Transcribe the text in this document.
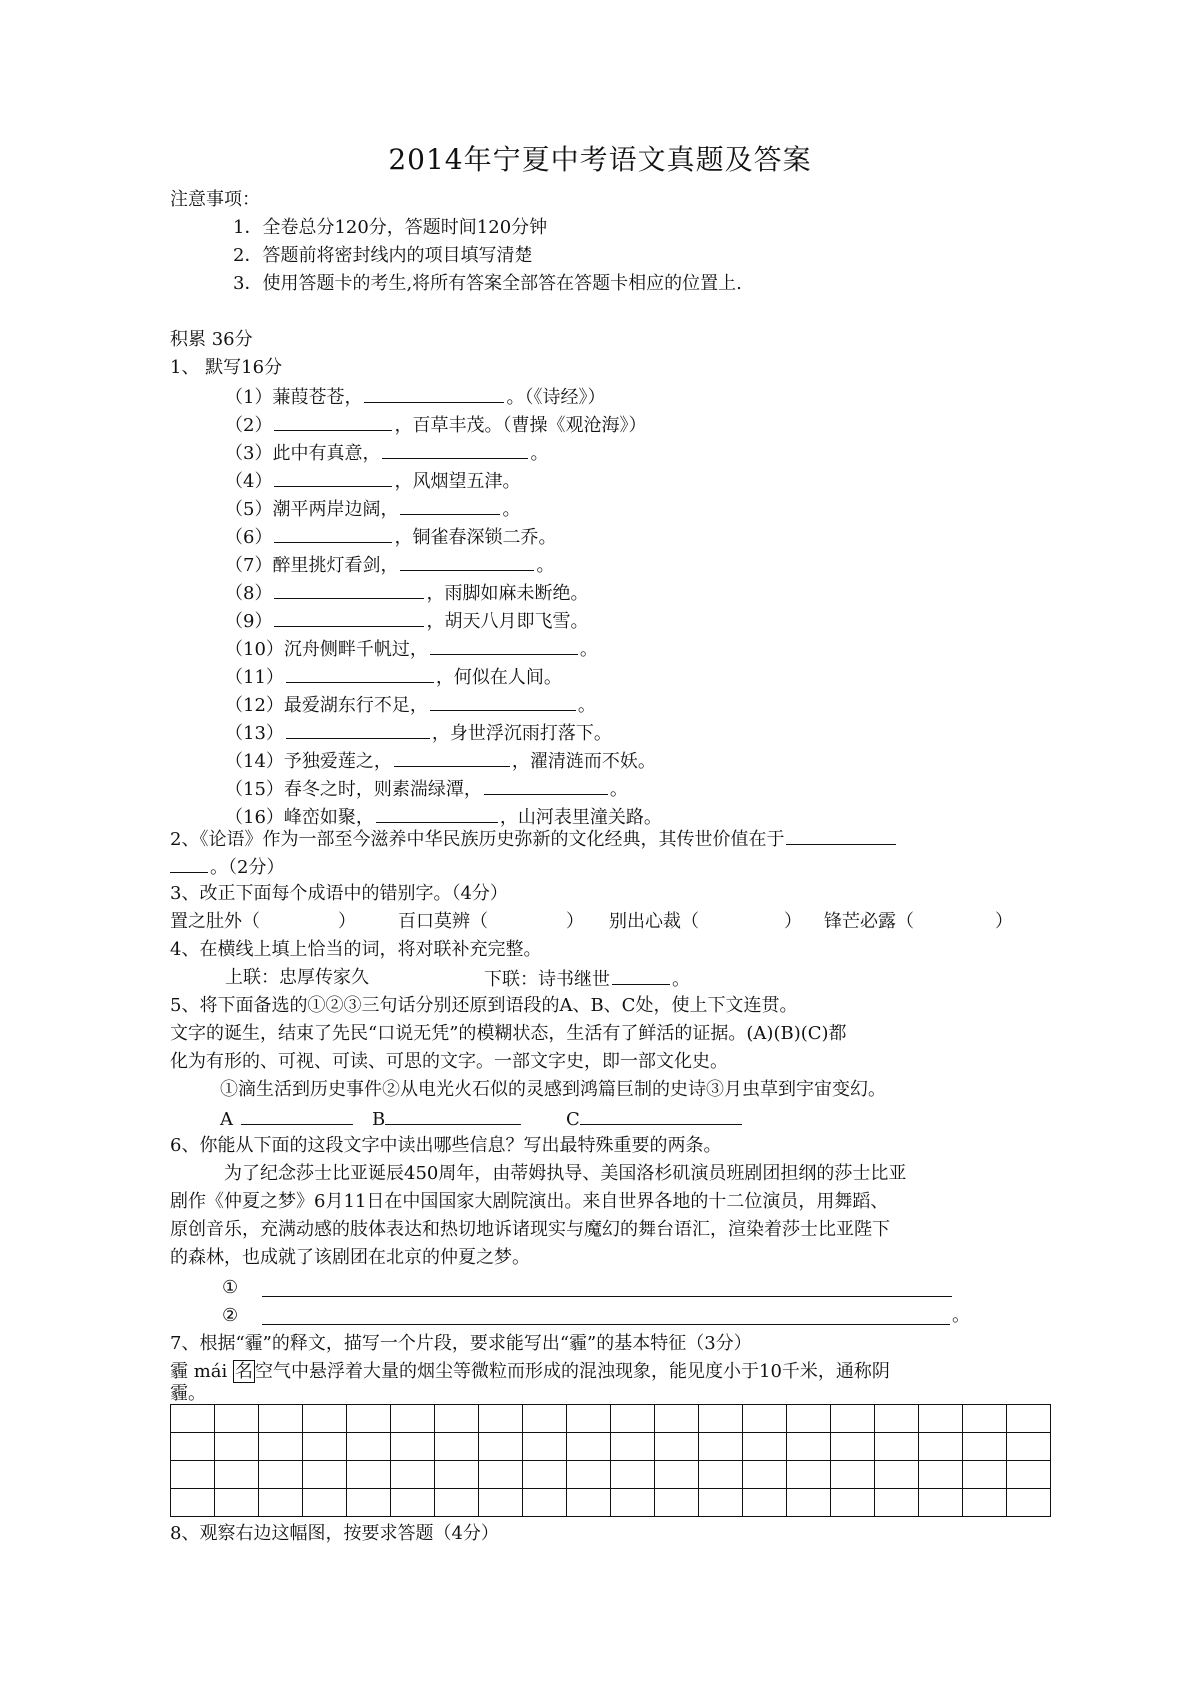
2014年宁夏中考语文真题及答案
注意事项：
1．全卷总分120分，答题时间120分钟
2．答题前将密封线内的项目填写清楚
3．使用答题卡的考生,将所有答案全部答在答题卡相应的位置上.
积累 36分
1、 默写16分
（1）蒹葭苍苍，	。（《诗经》）
（2）	，百草丰茂。（曹操《观沧海》）
（3）此中有真意，	。
（4）	，风烟望五津。
（5）潮平两岸边阔，	。
（6）	，铜雀春深锁二乔。
（7）醉里挑灯看剑，	。
（8）	，雨脚如麻未断绝。
（9）	，胡天八月即飞雪。
（10）沉舟侧畔千帆过，	。
（11）	，何似在人间。
（12）最爱湖东行不足，	。
（13）	，身世浮沉雨打落下。
（14）予独爱莲之，	，濯清涟而不妖。
（15）春冬之时，则素湍绿潭，	。
（16）峰峦如聚，	，山河表里潼关路。
2、《论语》作为一部至今滋养中华民族历史弥新的文化经典，其传世价值在于
。（2分）
3、改正下面每个成语中的错别字。（4分）
置之肚外（	） 百口莫辨（	） 别出心裁（	） 锋芒必露（	）
4、在横线上填上恰当的词，将对联补充完整。
上联：忠厚传家久	下联：诗书继世	。
5、将下面备选的①②③三句话分别还原到语段的A、B、C处，使上下文连贯。
文字的诞生，结束了先民“口说无凭”的模糊状态，生活有了鲜活的证据。(A)(B)(C)都
化为有形的、可视、可读、可思的文字。一部文字史，即一部文化史。
①滴生活到历史事件②从电光火石似的灵感到鸿篇巨制的史诗③月虫草到宇宙变幻。
A	B	C
6、你能从下面的这段文字中读出哪些信息？写出最特殊重要的两条。
为了纪念莎士比亚诞辰450周年，由蒂姆执导、美国洛杉矶演员班剧团担纲的莎士比亚
剧作《仲夏之梦》6月11日在中国国家大剧院演出。来自世界各地的十二位演员，用舞蹈、
原创音乐，充满动感的肢体表达和热切地诉诸现实与魔幻的舞台语汇，渲染着莎士比亚陛下
的森林，也成就了该剧团在北京的仲夏之梦。
①
②	。
7、根据“霾”的释文，描写一个片段，要求能写出“霾”的基本特征（3分）
霾 mái 名 空气中悬浮着大量的烟尘等微粒而形成的混浊现象，能见度小于10千米，通称阴
霾。

8、观察右边这幅图，按要求答题（4分）
